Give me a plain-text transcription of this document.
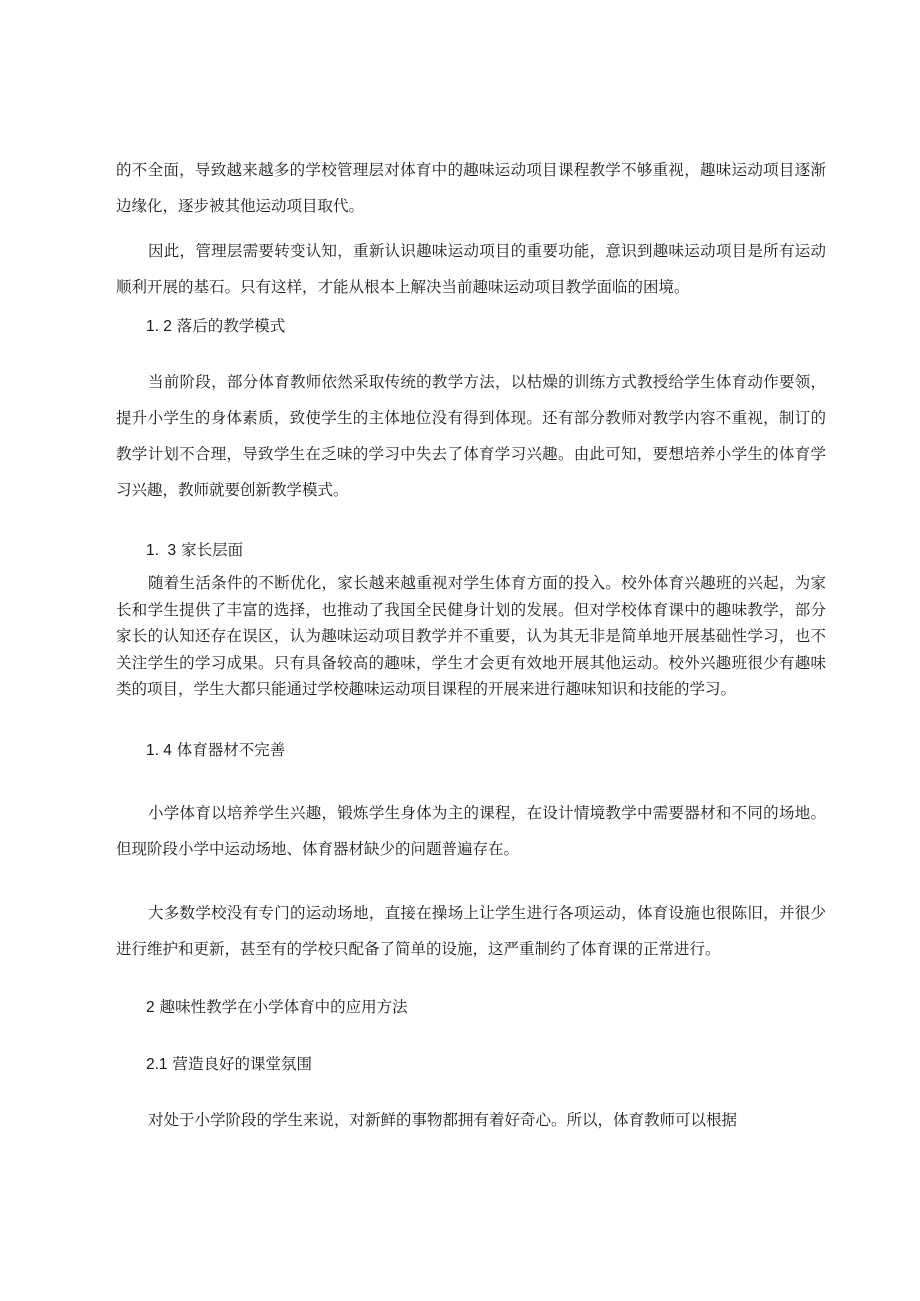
的不全面，导致越来越多的学校管理层对体育中的趣味运动项目课程教学不够重视，趣味运动项目逐渐边缘化，逐步被其他运动项目取代。

因此，管理层需要转变认知，重新认识趣味运动项目的重要功能，意识到趣味运动项目是所有运动顺利开展的基石。只有这样，才能从根本上解决当前趣味运动项目教学面临的困境。

1. 2 落后的教学模式

当前阶段，部分体育教师依然采取传统的教学方法，以枯燥的训练方式教授给学生体育动作要领，提升小学生的身体素质，致使学生的主体地位没有得到体现。还有部分教师对教学内容不重视，制订的教学计划不合理，导致学生在乏味的学习中失去了体育学习兴趣。由此可知，要想培养小学生的体育学习兴趣，教师就要创新教学模式。

1.  3 家长层面

随着生活条件的不断优化，家长越来越重视对学生体育方面的投入。校外体育兴趣班的兴起，为家长和学生提供了丰富的选择，也推动了我国全民健身计划的发展。但对学校体育课中的趣味教学，部分家长的认知还存在误区，认为趣味运动项目教学并不重要，认为其无非是简单地开展基础性学习，也不关注学生的学习成果。只有具备较高的趣味，学生才会更有效地开展其他运动。校外兴趣班很少有趣味类的项目，学生大都只能通过学校趣味运动项目课程的开展来进行趣味知识和技能的学习。

1. 4 体育器材不完善

小学体育以培养学生兴趣，锻炼学生身体为主的课程，在设计情境教学中需要器材和不同的场地。但现阶段小学中运动场地、体育器材缺少的问题普遍存在。

大多数学校没有专门的运动场地，直接在操场上让学生进行各项运动，体育设施也很陈旧，并很少进行维护和更新，甚至有的学校只配备了简单的设施，这严重制约了体育课的正常进行。

2 趣味性教学在小学体育中的应用方法
2.1 营造良好的课堂氛围

对处于小学阶段的学生来说，对新鲜的事物都拥有着好奇心。所以，体育教师可以根据
